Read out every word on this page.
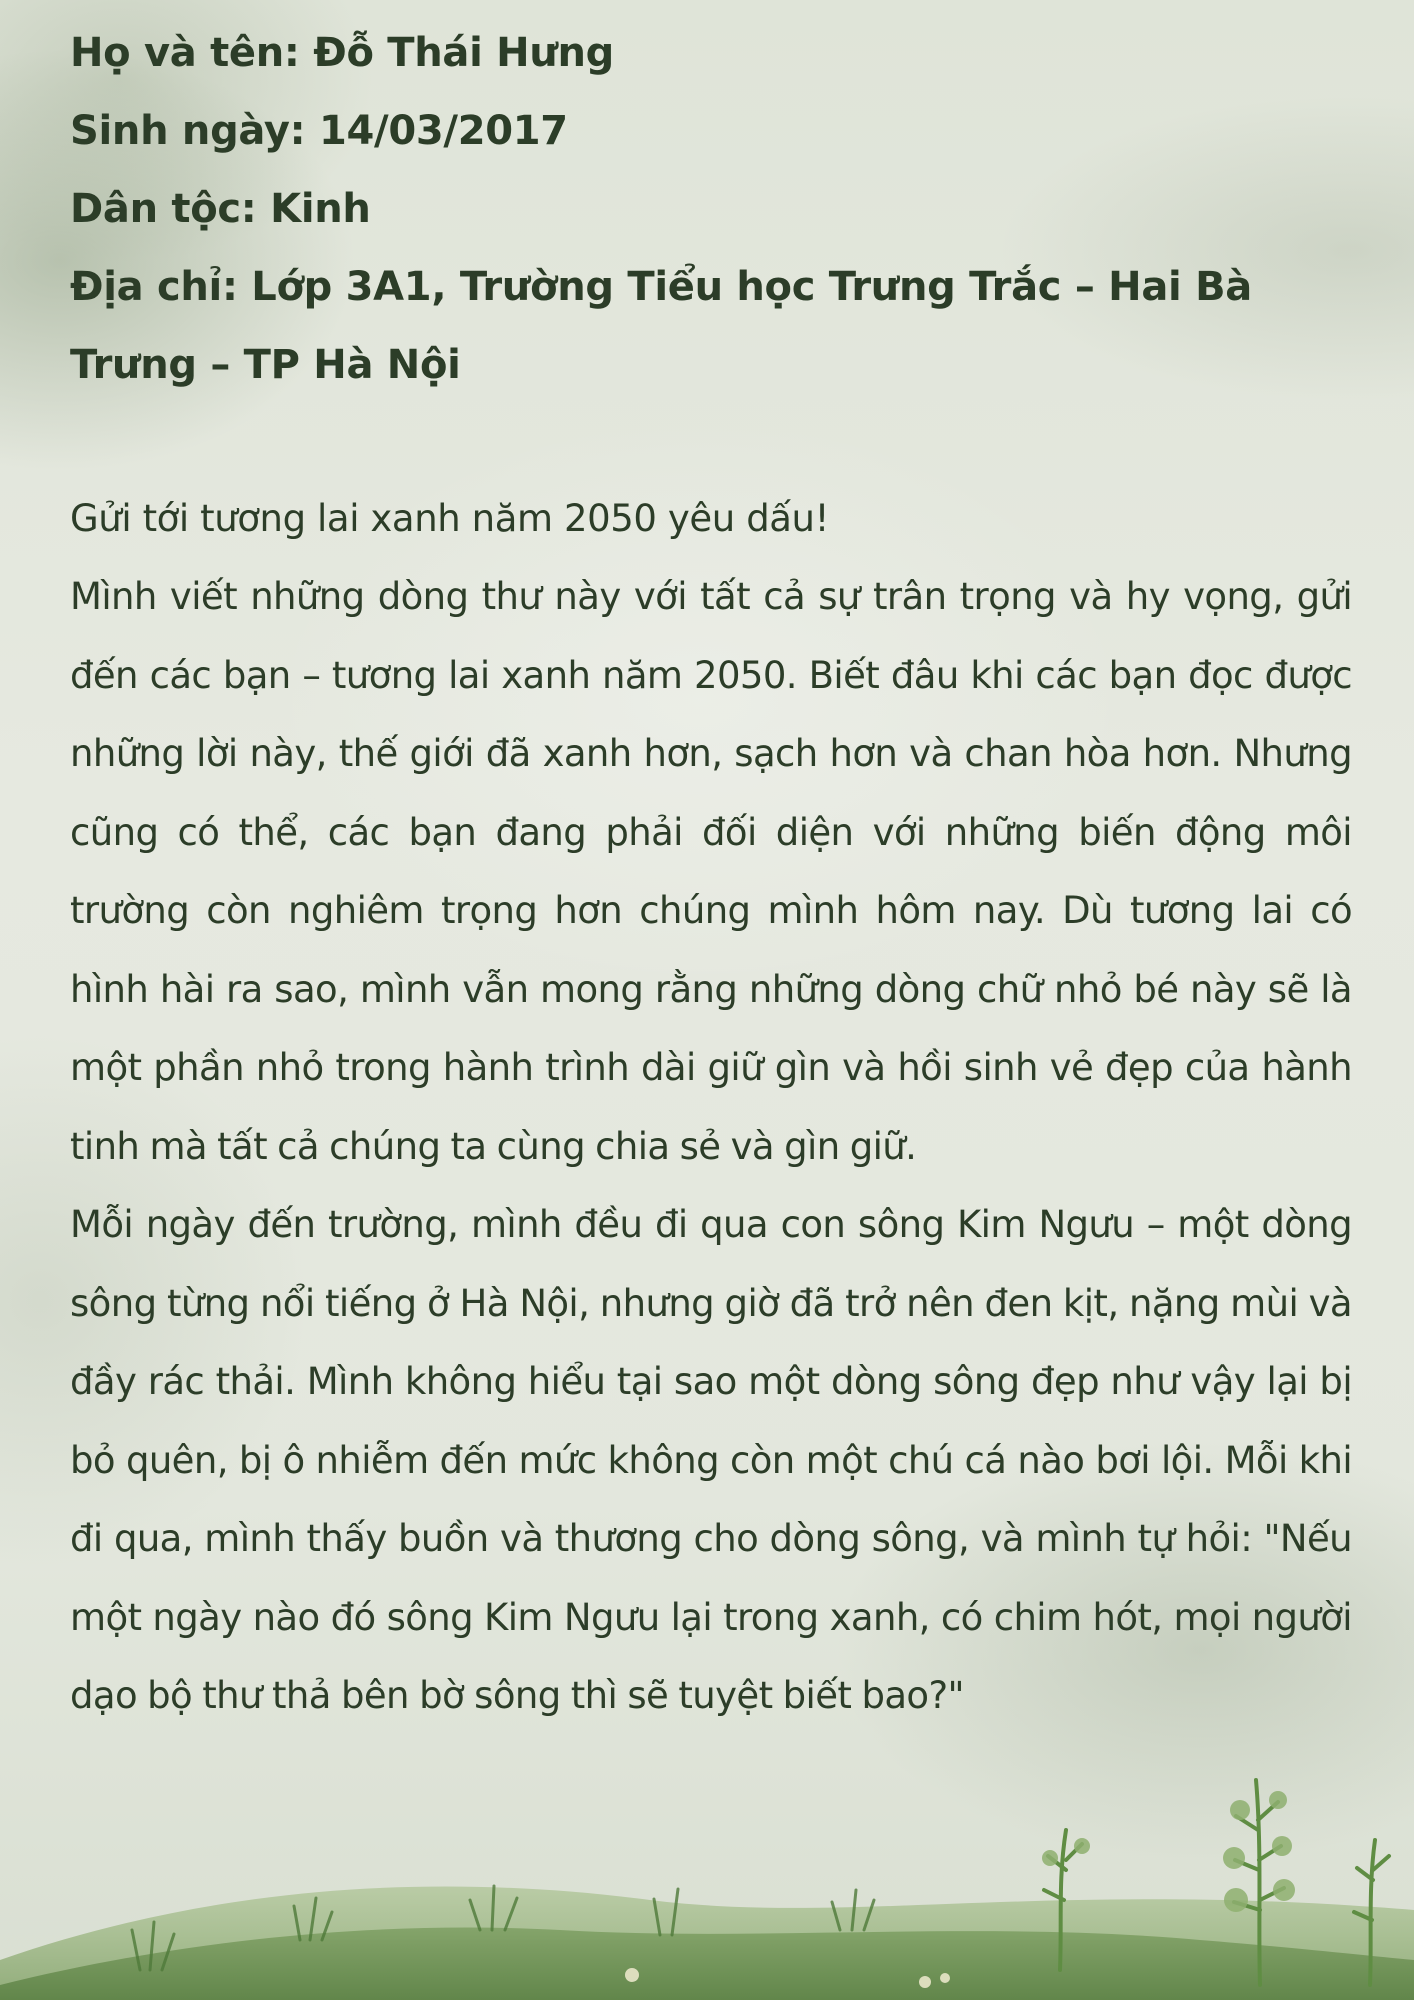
Họ và tên: Đỗ Thái Hưng
Sinh ngày: 14/03/2017
Dân tộc: Kinh
Địa chỉ: Lớp 3A1, Trường Tiểu học Trưng Trắc – Hai Bà
Trưng – TP Hà Nội
Gửi tới tương lai xanh năm 2050 yêu dấu!

Mình viết những dòng thư này với tất cả sự trân trọng và hy vọng, gửi đến các bạn – tương lai xanh năm 2050. Biết đâu khi các bạn đọc được những lời này, thế giới đã xanh hơn, sạch hơn và chan hòa hơn. Nhưng cũng có thể, các bạn đang phải đối diện với những biến động môi trường còn nghiêm trọng hơn chúng mình hôm nay. Dù tương lai có hình hài ra sao, mình vẫn mong rằng những dòng chữ nhỏ bé này sẽ là một phần nhỏ trong hành trình dài giữ gìn và hồi sinh vẻ đẹp của hành tinh mà tất cả chúng ta cùng chia sẻ và gìn giữ.

Mỗi ngày đến trường, mình đều đi qua con sông Kim Ngưu – một dòng sông từng nổi tiếng ở Hà Nội, nhưng giờ đã trở nên đen kịt, nặng mùi và đầy rác thải. Mình không hiểu tại sao một dòng sông đẹp như vậy lại bị bỏ quên, bị ô nhiễm đến mức không còn một chú cá nào bơi lội. Mỗi khi đi qua, mình thấy buồn và thương cho dòng sông, và mình tự hỏi: "Nếu một ngày nào đó sông Kim Ngưu lại trong xanh, có chim hót, mọi người dạo bộ thư thả bên bờ sông thì sẽ tuyệt biết bao?"
